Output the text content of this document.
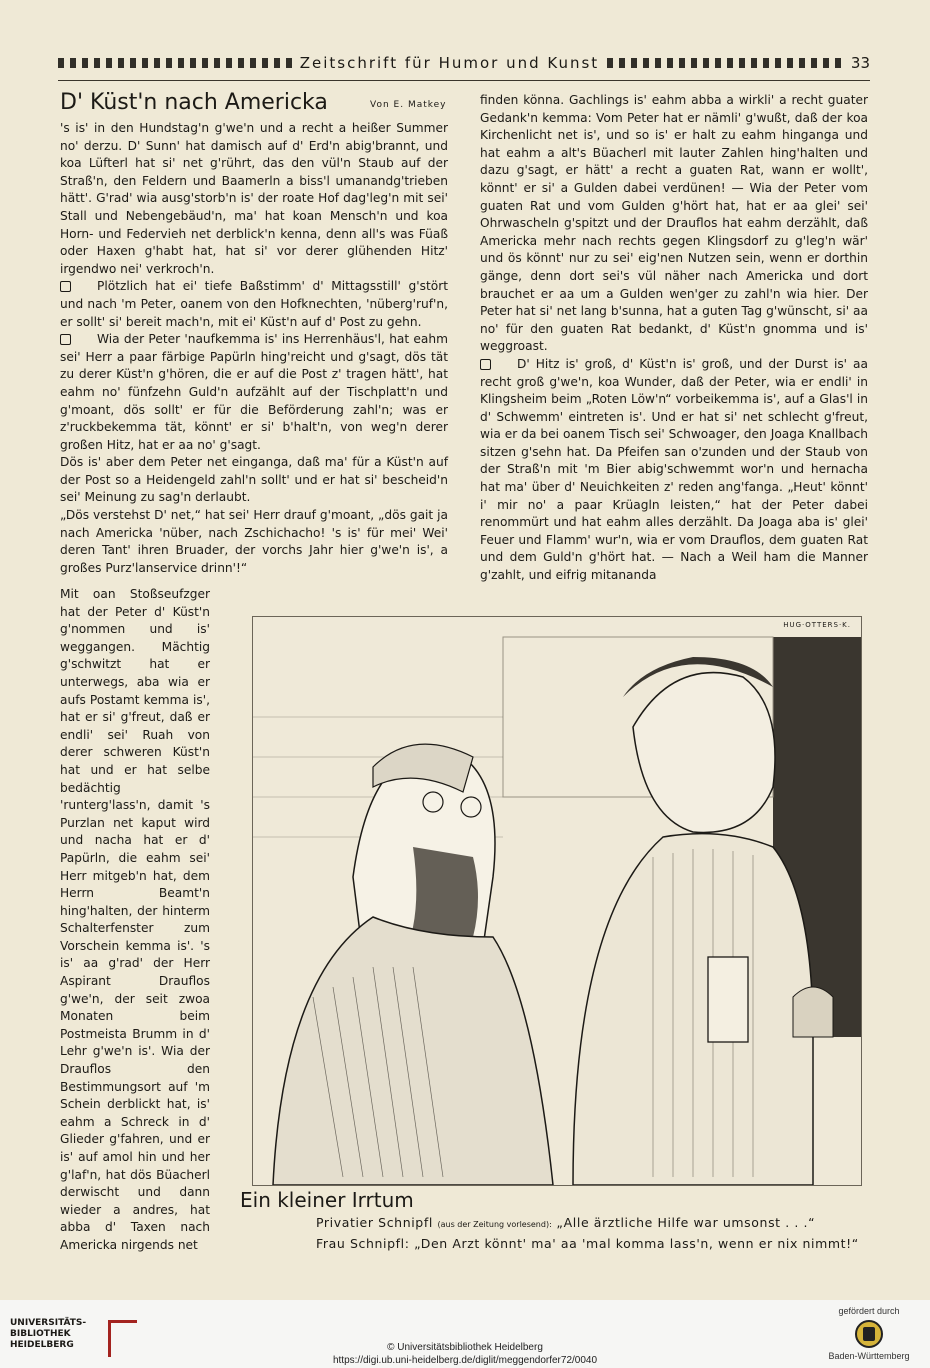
Zeitschrift für Humor und Kunst	33
D' Küst'n nach Americka	Von E. Matkey

's is' in den Hundstag'n g'we'n und a recht a heißer Summer no' derzu. D' Sunn' hat damisch auf d' Erd'n abig'brannt, und koa Lüfterl hat si' net g'rührt, das den vül'n Staub auf der Straß'n, den Feldern und Baamerln a biss'l umanandg'trieben hätt'. G'rad' wia ausg'storb'n is' der roate Hof dag'leg'n mit sei' Stall und Nebengebäud'n, ma' hat koan Mensch'n und koa Horn- und Federvieh net derblick'n kenna, denn all's was Füaß oder Haxen g'habt hat, hat si' vor derer glühenden Hitz' irgendwo nei' verkroch'n.

Plötzlich hat ei' tiefe Baßstimm' d' Mittagsstill' g'stört und nach 'm Peter, oanem von den Hofknechten, 'nüberg'ruf'n, er sollt' si' bereit mach'n, mit ei' Küst'n auf d' Post zu gehn.

Wia der Peter 'naufkemma is' ins Herrenhäus'l, hat eahm sei' Herr a paar färbige Papürln hing'reicht und g'sagt, dös tät zu derer Küst'n g'hören, die er auf die Post z' tragen hätt', hat eahm no' fünfzehn Guld'n aufzählt auf der Tischplatt'n und g'moant, dös sollt' er für die Beförderung zahl'n; was er z'ruckbekemma tät, könnt' er si' b'halt'n, von weg'n derer großen Hitz, hat er aa no' g'sagt.

Dös is' aber dem Peter net einganga, daß ma' für a Küst'n auf der Post so a Heidengeld zahl'n sollt' und er hat si' bescheid'n sei' Meinung zu sag'n derlaubt.

„Dös verstehst D' net,“ hat sei' Herr drauf g'moant, „dös gait ja nach Americka 'nüber, nach Zschichacho! 's is' für mei' Wei' deren Tant' ihren Bruader, der vorchs Jahr hier g'we'n is', a großes Purz'lanservice drinn'!“

Mit oan Stoßseufzger hat der Peter d' Küst'n g'nommen und is' weggangen. Mächtig g'schwitzt hat er unterwegs, aba wia er aufs Postamt kemma is', hat er si' g'freut, daß er endli' sei' Ruah von derer schweren Küst'n hat und er hat selbe bedächtig 'runterg'lass'n, damit 's Purzlan net kaput wird und nacha hat er d' Papürln, die eahm sei' Herr mitgeb'n hat, dem Herrn Beamt'n hing'halten, der hinterm Schalterfenster zum Vorschein kemma is'. 's is' aa g'rad' der Herr Aspirant Drauflos g'we'n, der seit zwoa Monaten beim Postmeista Brumm in d' Lehr g'we'n is'. Wia der Drauflos den Bestimmungsort auf 'm Schein derblickt hat, is' eahm a Schreck in d' Glieder g'fahren, und er is' auf amol hin und her g'laf'n, hat dös Büacherl derwischt und dann wieder a andres, hat abba d' Taxen nach Americka nirgends net

finden könna. Gachlings is' eahm abba a wirkli' a recht guater Gedank'n kemma: Vom Peter hat er nämli' g'wußt, daß der koa Kirchenlicht net is', und so is' er halt zu eahm hinganga und hat eahm a alt's Büacherl mit lauter Zahlen hing'halten und dazu g'sagt, er hätt' a recht a guaten Rat, wann er wollt', könnt' er si' a Gulden dabei verdünen! — Wia der Peter vom guaten Rat und vom Gulden g'hört hat, hat er aa glei' sei' Ohrwascheln g'spitzt und der Drauflos hat eahm derzählt, daß Americka mehr nach rechts gegen Klingsdorf zu g'leg'n wär' und ös könnt' nur zu sei' eig'nen Nutzen sein, wenn er dorthin gänge, denn dort sei's vül näher nach Americka und dort brauchet er aa um a Gulden wen'ger zu zahl'n wia hier. Der Peter hat si' net lang b'sunna, hat a guten Tag g'wünscht, si' aa no' für den guaten Rat bedankt, d' Küst'n gnomma und is' weggroast.

D' Hitz is' groß, d' Küst'n is' groß, und der Durst is' aa recht groß g'we'n, koa Wunder, daß der Peter, wia er endli' in Klingsheim beim „Roten Löw'n“ vorbeikemma is', auf a Glas'l in d' Schwemm' eintreten is'. Und er hat si' net schlecht g'freut, wia er da bei oanem Tisch sei' Schwoager, den Joaga Knallbach sitzen g'sehn hat. Da Pfeifen san o'zunden und der Staub von der Straß'n mit 'm Bier abig'schwemmt wor'n und hernacha hat ma' über d' Neuichkeiten z' reden ang'fanga. „Heut' könnt' i' mir no' a paar Krüagln leisten,“ hat der Peter dabei renommürt und hat eahm alles derzählt. Da Joaga aba is' glei' Feuer und Flamm' wur'n, wia er vom Drauflos, dem guaten Rat und dem Guld'n g'hört hat. — Nach a Weil ham die Manner g'zahlt, und eifrig mitananda

HUG·OTTERS·K.
Ein kleiner Irrtum
Privatier Schnipfl (aus der Zeitung vorlesend): „Alle ärztliche Hilfe war umsonst . . .“
Frau Schnipfl: „Den Arzt könnt' ma' aa 'mal komma lass'n, wenn er nix nimmt!“
UNIVERSITÄTS-
BIBLIOTHEK
HEIDELBERG	© Universitätsbibliothek Heidelberg
https://digi.ub.uni-heidelberg.de/diglit/meggendorfer72/0040
gefördert durch
Baden-Württemberg
